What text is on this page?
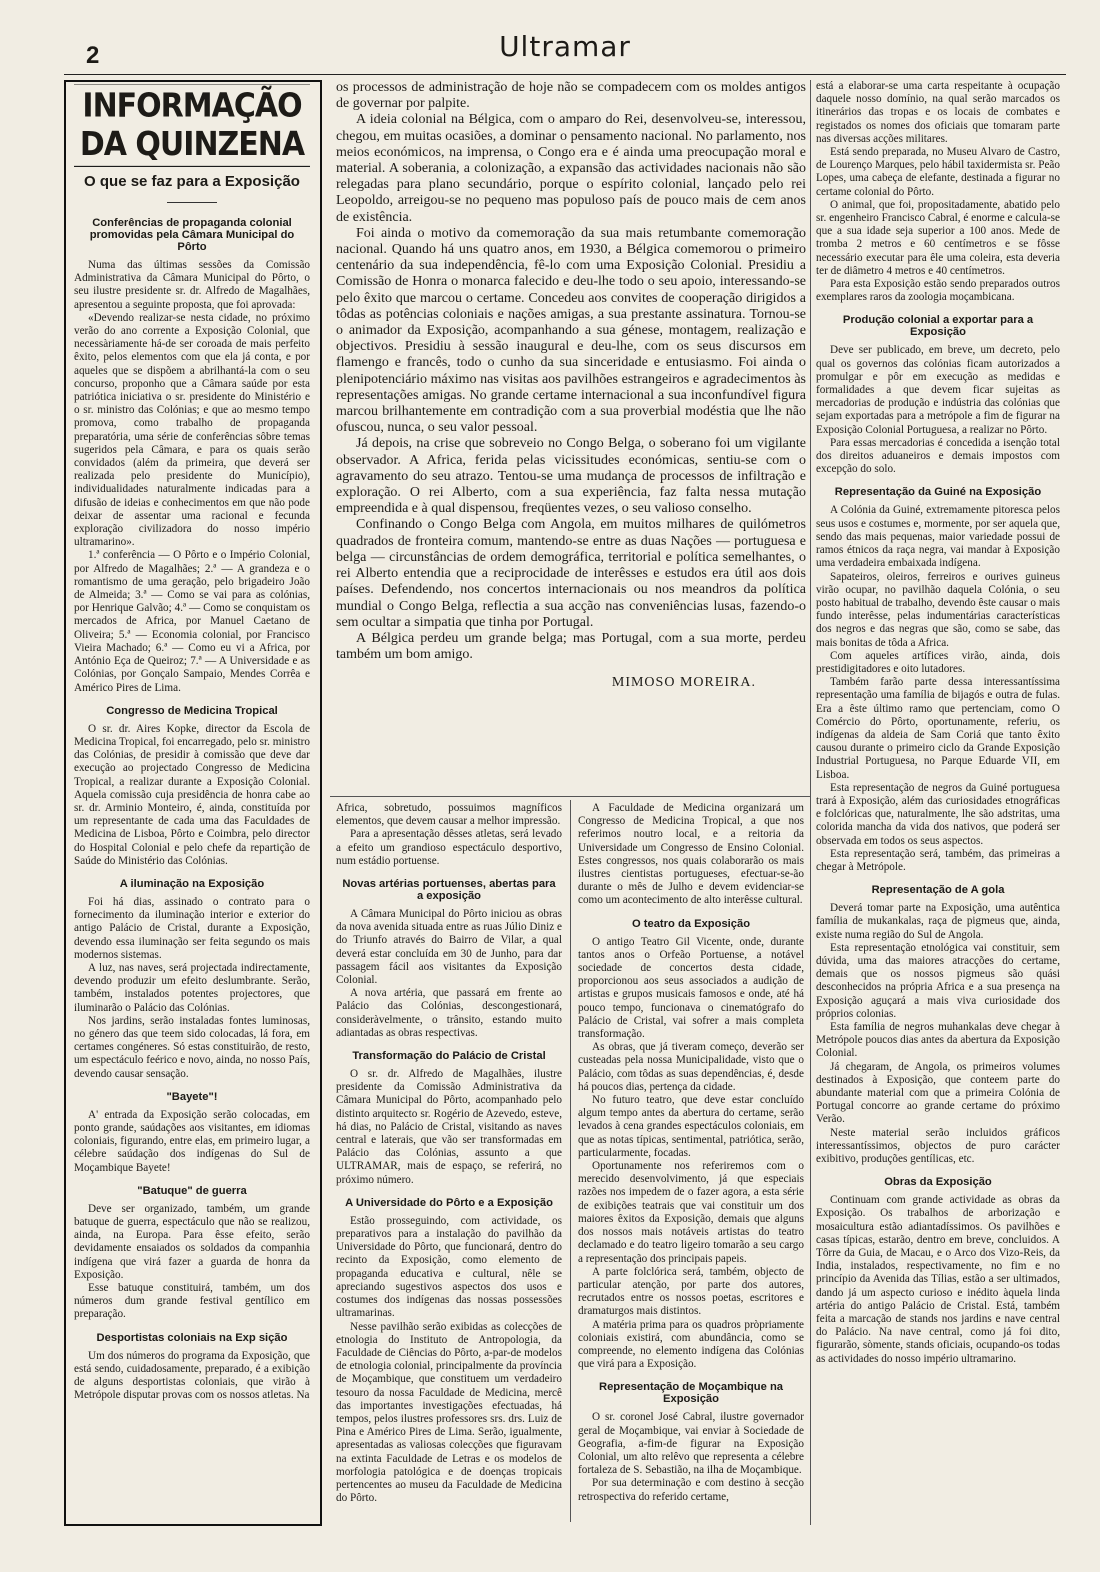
2	Ultramar
INFORMAÇÃO DA QUINZENA
O que se faz para a Exposição
Conferências de propaganda colonial promovidas pela Câmara Municipal do Pôrto

Numa das últimas sessões da Comissão Administrativa da Câmara Municipal do Pôrto, o seu ilustre presidente sr. dr. Alfredo de Magalhães, apresentou a seguinte proposta, que foi aprovada:

«Devendo realizar-se nesta cidade, no próximo verão do ano corrente a Exposição Colonial, que necessàriamente há-de ser coroada de mais perfeito êxito, pelos elementos com que ela já conta, e por aqueles que se dispõem a abrilhantá-la com o seu concurso, proponho que a Câmara saúde por esta patriótica iniciativa o sr. presidente do Ministério e o sr. ministro das Colónias; e que ao mesmo tempo promova, como trabalho de propaganda preparatória, uma série de conferências sôbre temas sugeridos pela Câmara, e para os quais serão convidados (além da primeira, que deverá ser realizada pelo presidente do Município), individualidades naturalmente indicadas para a difusão de ideias e conhecimentos em que não pode deixar de assentar uma racional e fecunda exploração civilizadora do nosso império ultramarino».

1.ª conferência — O Pôrto e o Império Colonial, por Alfredo de Magalhães; 2.ª — A grandeza e o romantismo de uma geração, pelo brigadeiro João de Almeida; 3.ª — Como se vai para as colónias, por Henrique Galvão; 4.ª — Como se conquistam os mercados de Africa, por Manuel Caetano de Oliveira; 5.ª — Economia colonial, por Francisco Vieira Machado; 6.ª — Como eu vi a Africa, por António Eça de Queiroz; 7.ª — A Universidade e as Colónias, por Gonçalo Sampaio, Mendes Corrêa e Américo Pires de Lima.

Congresso de Medicina Tropical

O sr. dr. Aires Kopke, director da Escola de Medicina Tropical, foi encarregado, pelo sr. ministro das Colónias, de presidir à comissão que deve dar execução ao projectado Congresso de Medicina Tropical, a realizar durante a Exposição Colonial. Aquela comissão cuja presidência de honra cabe ao sr. dr. Arminio Monteiro, é, ainda, constituída por um representante de cada uma das Faculdades de Medicina de Lisboa, Pôrto e Coimbra, pelo director do Hospital Colonial e pelo chefe da repartição de Saúde do Ministério das Colónias.

A iluminação na Exposição

Foi há dias, assinado o contrato para o fornecimento da iluminação interior e exterior do antigo Palácio de Cristal, durante a Exposição, devendo essa iluminação ser feita segundo os mais modernos sistemas.

A luz, nas naves, será projectada indirectamente, devendo produzir um efeito deslumbrante. Serão, também, instalados potentes projectores, que iluminarão o Palácio das Colónias.

Nos jardins, serão instaladas fontes luminosas, no género das que teem sido colocadas, lá fora, em certames congéneres. Só estas constituirão, de resto, um espectáculo feérico e novo, ainda, no nosso País, devendo causar sensação.

"Bayete"!

A' entrada da Exposição serão colocadas, em ponto grande, saúdações aos visitantes, em idiomas coloniais, figurando, entre elas, em primeiro lugar, a célebre saúdação dos indígenas do Sul de Moçambique Bayete!

"Batuque" de guerra

Deve ser organizado, também, um grande batuque de guerra, espectáculo que não se realizou, ainda, na Europa. Para êsse efeito, serão devidamente ensaiados os soldados da companhia indígena que virá fazer a guarda de honra da Exposição.

Esse batuque constituirá, também, um dos números dum grande festival gentílico em preparação.

Desportistas coloniais na Exp sição

Um dos números do programa da Exposição, que está sendo, cuidadosamente, preparado, é a exibição de alguns desportistas coloniais, que virão à Metrópole disputar provas com os nossos atletas. Na

os processos de administração de hoje não se compadecem com os moldes antigos de governar por palpite.

A ideia colonial na Bélgica, com o amparo do Rei, desenvolveu-se, interessou, chegou, em muitas ocasiões, a dominar o pensamento nacional. No parlamento, nos meios económicos, na imprensa, o Congo era e é ainda uma preocupação moral e material. A soberania, a colonização, a expansão das actividades nacionais não são relegadas para plano secundário, porque o espírito colonial, lançado pelo rei Leopoldo, arreigou-se no pequeno mas populoso país de pouco mais de cem anos de existência.

Foi ainda o motivo da comemoração da sua mais retumbante comemoração nacional. Quando há uns quatro anos, em 1930, a Bélgica comemorou o primeiro centenário da sua independência, fê-lo com uma Exposição Colonial. Presidiu a Comissão de Honra o monarca falecido e deu-lhe todo o seu apoio, interessando-se pelo êxito que marcou o certame. Concedeu aos convites de cooperação dirigidos a tôdas as potências coloniais e nações amigas, a sua prestante assinatura. Tornou-se o animador da Exposição, acompanhando a sua génese, montagem, realização e objectivos. Presidiu à sessão inaugural e deu-lhe, com os seus discursos em flamengo e francês, todo o cunho da sua sinceridade e entusiasmo. Foi ainda o plenipotenciário máximo nas visitas aos pavilhões estrangeiros e agradecimentos às representações amigas. No grande certame internacional a sua inconfundível figura marcou brilhantemente em contradição com a sua proverbial modéstia que lhe não ofuscou, nunca, o seu valor pessoal.

Já depois, na crise que sobreveio no Congo Belga, o soberano foi um vigilante observador. A Africa, ferida pelas vicissitudes económicas, sentiu-se com o agravamento do seu atrazo. Tentou-se uma mudança de processos de infiltração e exploração. O rei Alberto, com a sua experiência, faz falta nessa mutação empreendida e à qual dispensou, freqüentes vezes, o seu valioso conselho.

Confinando o Congo Belga com Angola, em muitos milhares de quilómetros quadrados de fronteira comum, mantendo-se entre as duas Nações — portuguesa e belga — circunstâncias de ordem demográfica, territorial e política semelhantes, o rei Alberto entendia que a reciprocidade de interêsses e estudos era útil aos dois países. Defendendo, nos concertos internacionais ou nos meandros da política mundial o Congo Belga, reflectia a sua acção nas conveniências lusas, fazendo-o sem ocultar a simpatia que tinha por Portugal.

A Bélgica perdeu um grande belga; mas Portugal, com a sua morte, perdeu também um bom amigo.

MIMOSO MOREIRA.

Africa, sobretudo, possuimos magníficos elementos, que devem causar a melhor impressão.

Para a apresentação dêsses atletas, será levado a efeito um grandioso espectáculo desportivo, num estádio portuense.

Novas artérias portuenses, abertas para a exposição

A Câmara Municipal do Pôrto iniciou as obras da nova avenida situada entre as ruas Júlio Diniz e do Triunfo através do Bairro de Vilar, a qual deverá estar concluída em 30 de Junho, para dar passagem fácil aos visitantes da Exposição Colonial.

A nova artéria, que passará em frente ao Palácio das Colónias, descongestionará, consideràvelmente, o trânsito, estando muito adiantadas as obras respectivas.

Transformação do Palácio de Cristal

O sr. dr. Alfredo de Magalhães, ilustre presidente da Comissão Administrativa da Câmara Municipal do Pôrto, acompanhado pelo distinto arquitecto sr. Rogério de Azevedo, esteve, há dias, no Palácio de Cristal, visitando as naves central e laterais, que vão ser transformadas em Palácio das Colónias, assunto a que ULTRAMAR, mais de espaço, se referirá, no próximo número.

A Universidade do Pôrto e a Exposição

Estão prosseguindo, com actividade, os preparativos para a instalação do pavilhão da Universidade do Pôrto, que funcionará, dentro do recinto da Exposição, como elemento de propaganda educativa e cultural, nêle se apreciando sugestivos aspectos dos usos e costumes dos indígenas das nossas possessões ultramarinas.

Nesse pavilhão serão exibidas as colecções de etnologia do Instituto de Antropologia, da Faculdade de Ciências do Pôrto, a-par-de modelos de etnologia colonial, principalmente da província de Moçambique, que constituem um verdadeiro tesouro da nossa Faculdade de Medicina, mercê das importantes investigações efectuadas, há tempos, pelos ilustres professores srs. drs. Luiz de Pina e Américo Pires de Lima. Serão, igualmente, apresentadas as valiosas colecções que figuravam na extinta Faculdade de Letras e os modelos de morfologia patológica e de doenças tropicais pertencentes ao museu da Faculdade de Medicina do Pôrto.

A Faculdade de Medicina organizará um Congresso de Medicina Tropical, a que nos referimos noutro local, e a reitoria da Universidade um Congresso de Ensino Colonial. Estes congressos, nos quais colaborarão os mais ilustres cientistas portugueses, efectuar-se-ão durante o mês de Julho e devem evidenciar-se como um acontecimento de alto interêsse cultural.

O teatro da Exposição

O antigo Teatro Gil Vicente, onde, durante tantos anos o Orfeão Portuense, a notável sociedade de concertos desta cidade, proporcionou aos seus associados a audição de artistas e grupos musicais famosos e onde, até há pouco tempo, funcionava o cinematógrafo do Palácio de Cristal, vai sofrer a mais completa transformação.

As obras, que já tiveram começo, deverão ser custeadas pela nossa Municipalidade, visto que o Palácio, com tôdas as suas dependências, é, desde há poucos dias, pertença da cidade.

No futuro teatro, que deve estar concluído algum tempo antes da abertura do certame, serão levados à cena grandes espectáculos coloniais, em que as notas típicas, sentimental, patriótica, serão, particularmente, focadas.

Oportunamente nos referiremos com o merecido desenvolvimento, já que especiais razões nos impedem de o fazer agora, a esta série de exibições teatrais que vai constituir um dos maiores êxitos da Exposição, demais que alguns dos nossos mais notáveis artistas do teatro declamado e do teatro ligeiro tomarão a seu cargo a representação dos principais papeis.

A parte folclórica será, também, objecto de particular atenção, por parte dos autores, recrutados entre os nossos poetas, escritores e dramaturgos mais distintos.

A matéria prima para os quadros pròpriamente coloniais existirá, com abundância, como se compreende, no elemento indígena das Colónias que virá para a Exposição.

Representação de Moçambique na Exposição

O sr. coronel José Cabral, ilustre governador geral de Moçambique, vai enviar à Sociedade de Geografia, a-fim-de figurar na Exposição Colonial, um alto relêvo que representa a célebre fortaleza de S. Sebastião, na ilha de Moçambique.

Por sua determinação e com destino à secção retrospectiva do referido certame,

está a elaborar-se uma carta respeitante à ocupação daquele nosso domínio, na qual serão marcados os itinerários das tropas e os locais de combates e registados os nomes dos oficiais que tomaram parte nas diversas acções militares.

Está sendo preparada, no Museu Alvaro de Castro, de Lourenço Marques, pelo hábil taxidermista sr. Peão Lopes, uma cabeça de elefante, destinada a figurar no certame colonial do Pôrto.

O animal, que foi, propositadamente, abatido pelo sr. engenheiro Francisco Cabral, é enorme e calcula-se que a sua idade seja superior a 100 anos. Mede de tromba 2 metros e 60 centímetros e se fôsse necessário executar para êle uma coleira, esta deveria ter de diâmetro 4 metros e 40 centímetros.

Para esta Exposição estão sendo preparados outros exemplares raros da zoologia moçambicana.

Produção colonial a exportar para a Exposição

Deve ser publicado, em breve, um decreto, pelo qual os governos das colónias ficam autorizados a promulgar e pôr em execução as medidas e formalidades a que devem ficar sujeitas as mercadorias de produção e indústria das colónias que sejam exportadas para a metrópole a fim de figurar na Exposição Colonial Portuguesa, a realizar no Pôrto.

Para essas mercadorias é concedida a isenção total dos direitos aduaneiros e demais impostos com excepção do solo.

Representação da Guiné na Exposição

A Colónia da Guiné, extremamente pitoresca pelos seus usos e costumes e, mormente, por ser aquela que, sendo das mais pequenas, maior variedade possui de ramos étnicos da raça negra, vai mandar à Exposição uma verdadeira embaixada indígena.

Sapateiros, oleiros, ferreiros e ourives guineus virão ocupar, no pavilhão daquela Colónia, o seu posto habitual de trabalho, devendo êste causar o mais fundo interêsse, pelas indumentárias características dos negros e das negras que são, como se sabe, das mais bonitas de tôda a Africa.

Com aqueles artífices virão, ainda, dois prestidigitadores e oito lutadores.

Também farão parte dessa interessantíssima representação uma família de bijagós e outra de fulas. Era a êste último ramo que pertenciam, como O Comércio do Pôrto, oportunamente, referiu, os indígenas da aldeia de Sam Coriá que tanto êxito causou durante o primeiro ciclo da Grande Exposição Industrial Portuguesa, no Parque Eduarde VII, em Lisboa.

Esta representação de negros da Guiné portuguesa trará à Exposição, além das curiosidades etnográficas e folclóricas que, naturalmente, lhe são adstritas, uma colorida mancha da vida dos nativos, que poderá ser observada em todos os seus aspectos.

Esta representação será, também, das primeiras a chegar à Metrópole.

Representação de A gola

Deverá tomar parte na Exposição, uma autêntica família de mukankalas, raça de pigmeus que, ainda, existe numa região do Sul de Angola.

Esta representação etnológica vai constituir, sem dúvida, uma das maiores atracções do certame, demais que os nossos pigmeus são quási desconhecidos na própria Africa e a sua presença na Exposição aguçará a mais viva curiosidade dos próprios colonias.

Esta família de negros muhankalas deve chegar à Metrópole poucos dias antes da abertura da Exposição Colonial.

Já chegaram, de Angola, os primeiros volumes destinados à Exposição, que conteem parte do abundante material com que a primeira Colónia de Portugal concorre ao grande certame do próximo Verão.

Neste material serão incluidos gráficos interessantíssimos, objectos de puro carácter exibitivo, produções gentílicas, etc.

Obras da Exposição

Continuam com grande actividade as obras da Exposição. Os trabalhos de arborização e mosaicultura estão adiantadíssimos. Os pavilhões e casas típicas, estarão, dentro em breve, concluidos. A Tôrre da Guia, de Macau, e o Arco dos Vizo-Reis, da India, instalados, respectivamente, no fim e no princípio da Avenida das Tílias, estão a ser ultimados, dando já um aspecto curioso e inédito àquela linda artéria do antigo Palácio de Cristal. Está, também feita a marcação de stands nos jardins e nave central do Palácio. Na nave central, como já foi dito, figurarão, sòmente, stands oficiais, ocupando-os todas as actividades do nosso império ultramarino.
